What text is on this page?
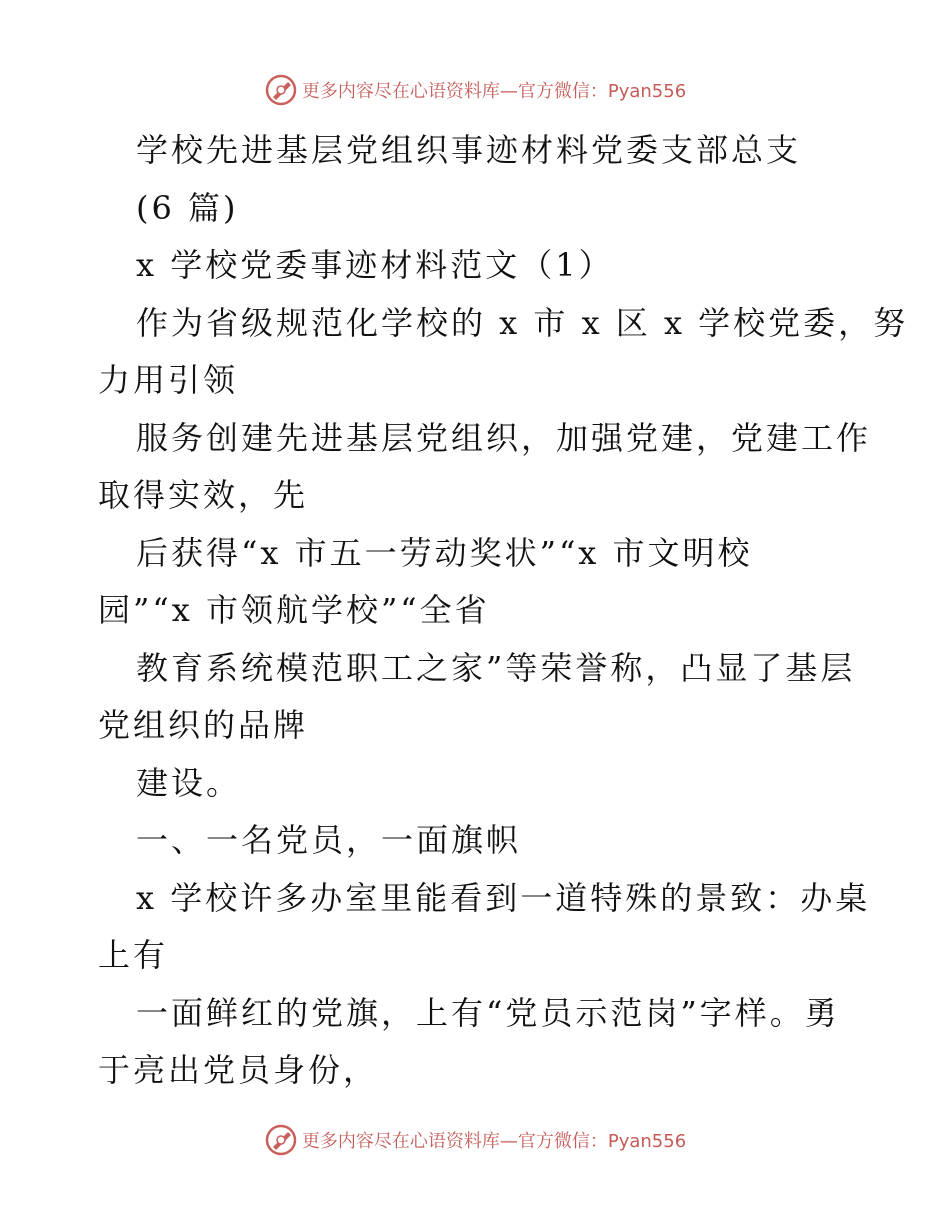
更多内容尽在心语资料库—官方微信：Pyan556
学校先进基层党组织事迹材料党委支部总支
(6 篇)
x 学校党委事迹材料范文（1）
作为省级规范化学校的 x 市 x 区 x 学校党委，努
力用引领
服务创建先进基层党组织，加强党建，党建工作
取得实效，先
后获得“x 市五一劳动奖状”“x 市文明校
园”“x 市领航学校”“全省
教育系统模范职工之家”等荣誉称，凸显了基层
党组织的品牌
建设。
一、一名党员，一面旗帜
x 学校许多办室里能看到一道特殊的景致：办桌
上有
一面鲜红的党旗，上有“党员示范岗”字样。勇
于亮出党员身份，
更多内容尽在心语资料库—官方微信：Pyan556
